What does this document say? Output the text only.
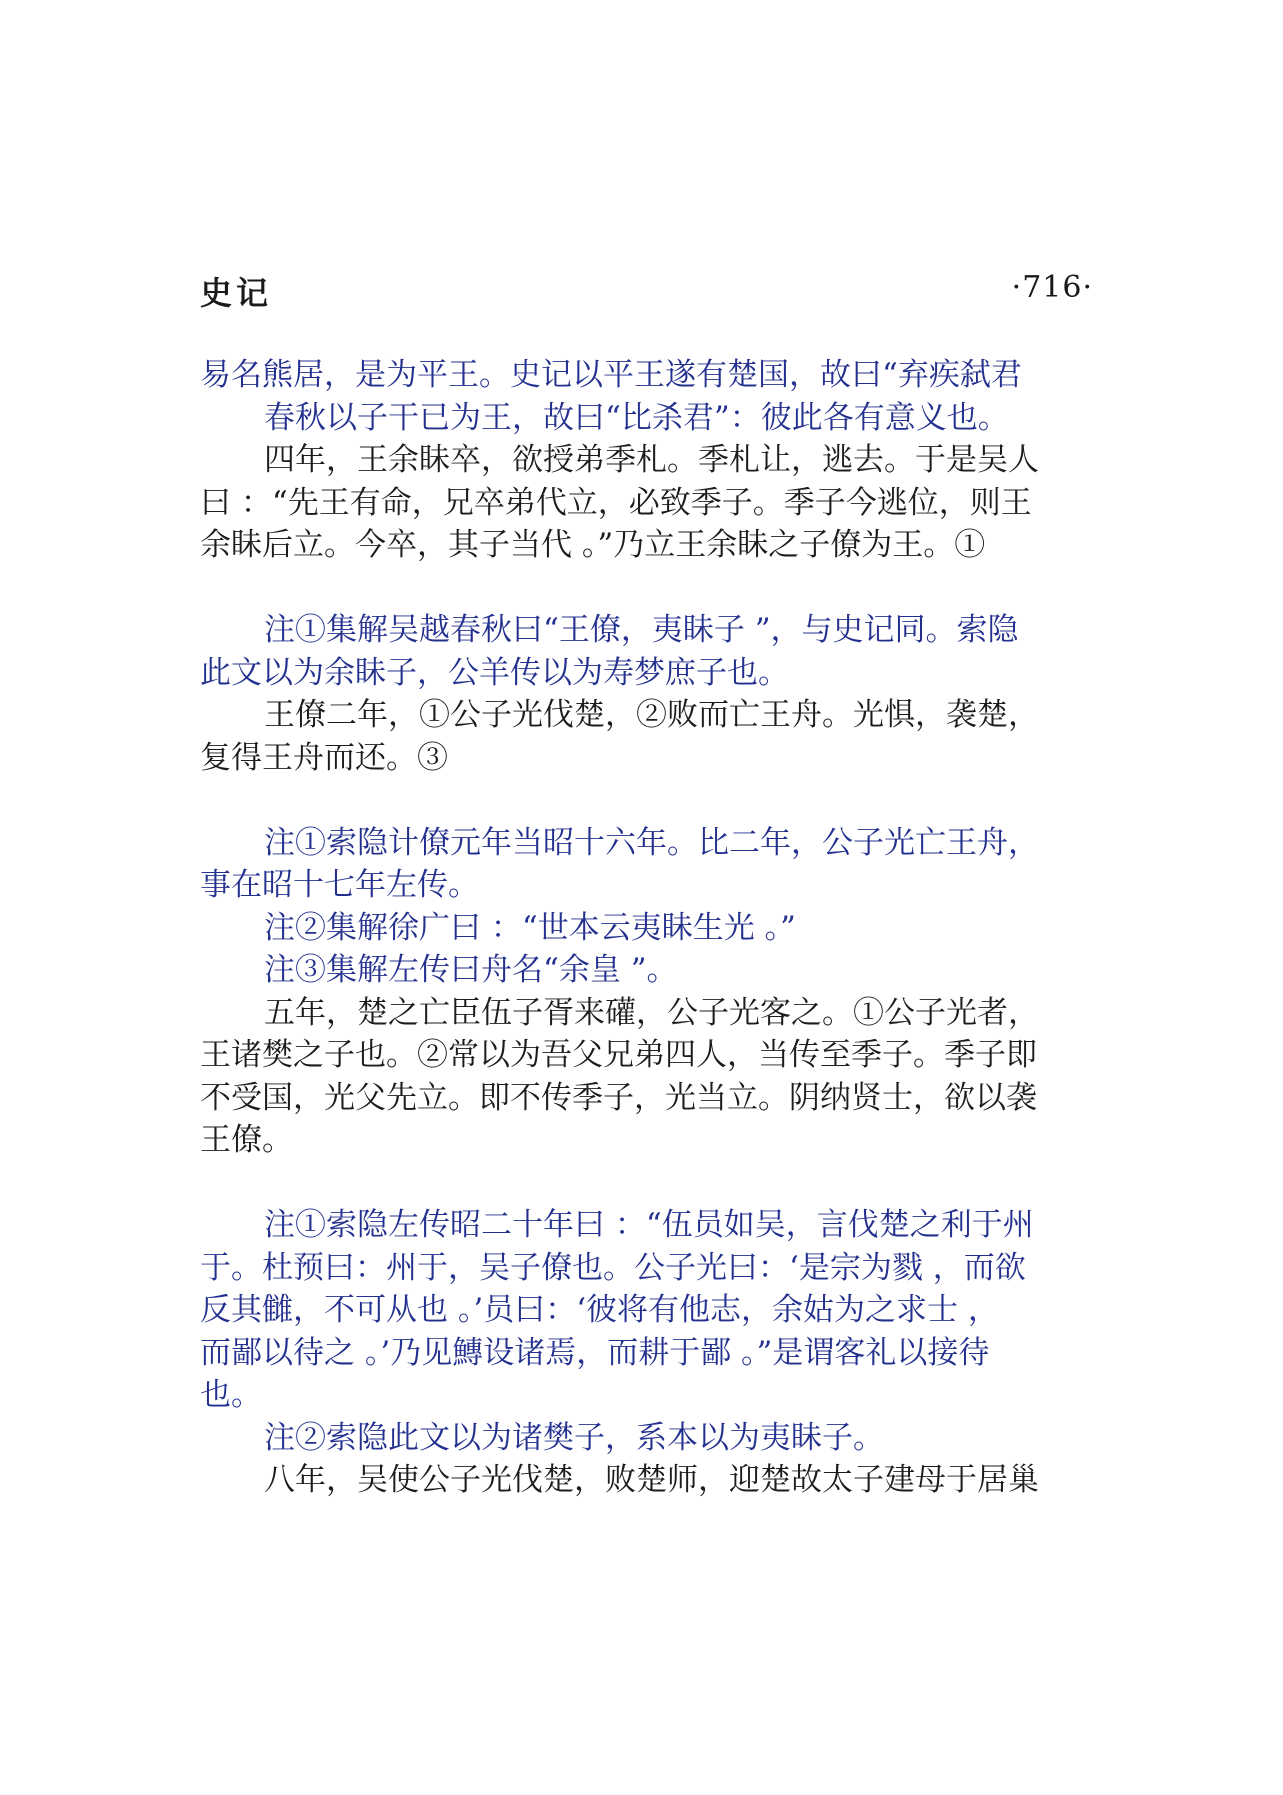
史记	·716·
易名熊居，是为平王。史记以平王遂有楚国，故曰“弃疾弑君
春秋以子干已为王，故曰“比杀君”：彼此各有意义也。
四年，王余眛卒，欲授弟季札。季札让，逃去。于是吴人
曰 ：“先王有命，兄卒弟代立，必致季子。季子今逃位，则王
余眛后立。今卒，其子当代 。”乃立王余眛之子僚为王。①
注①集解吴越春秋曰“王僚，夷眛子 ”，与史记同。索隐
此文以为余眛子，公羊传以为寿梦庶子也。
王僚二年，①公子光伐楚，②败而亡王舟。光惧，袭楚，
复得王舟而还。③
注①索隐计僚元年当昭十六年。比二年，公子光亡王舟，
事在昭十七年左传。
注②集解徐广曰 ：“世本云夷眛生光 。”
注③集解左传曰舟名“余皇 ”。
五年，楚之亡臣伍子胥来礶，公子光客之。①公子光者，
王诸樊之子也。②常以为吾父兄弟四人，当传至季子。季子即
不受国，光父先立。即不传季子，光当立。阴纳贤士，欲以袭
王僚。
注①索隐左传昭二十年曰 ：“伍员如吴，言伐楚之利于州
于。杜预曰：州于，吴子僚也。公子光曰：‘是宗为戮 ，而欲
反其雠，不可从也 。’员曰：‘彼将有他志，余姑为之求士 ，
而鄙以待之 。’乃见鱄设诸焉，而耕于鄙 。”是谓客礼以接待
也。
注②索隐此文以为诸樊子，系本以为夷眛子。
八年，吴使公子光伐楚，败楚师，迎楚故太子建母于居巢
